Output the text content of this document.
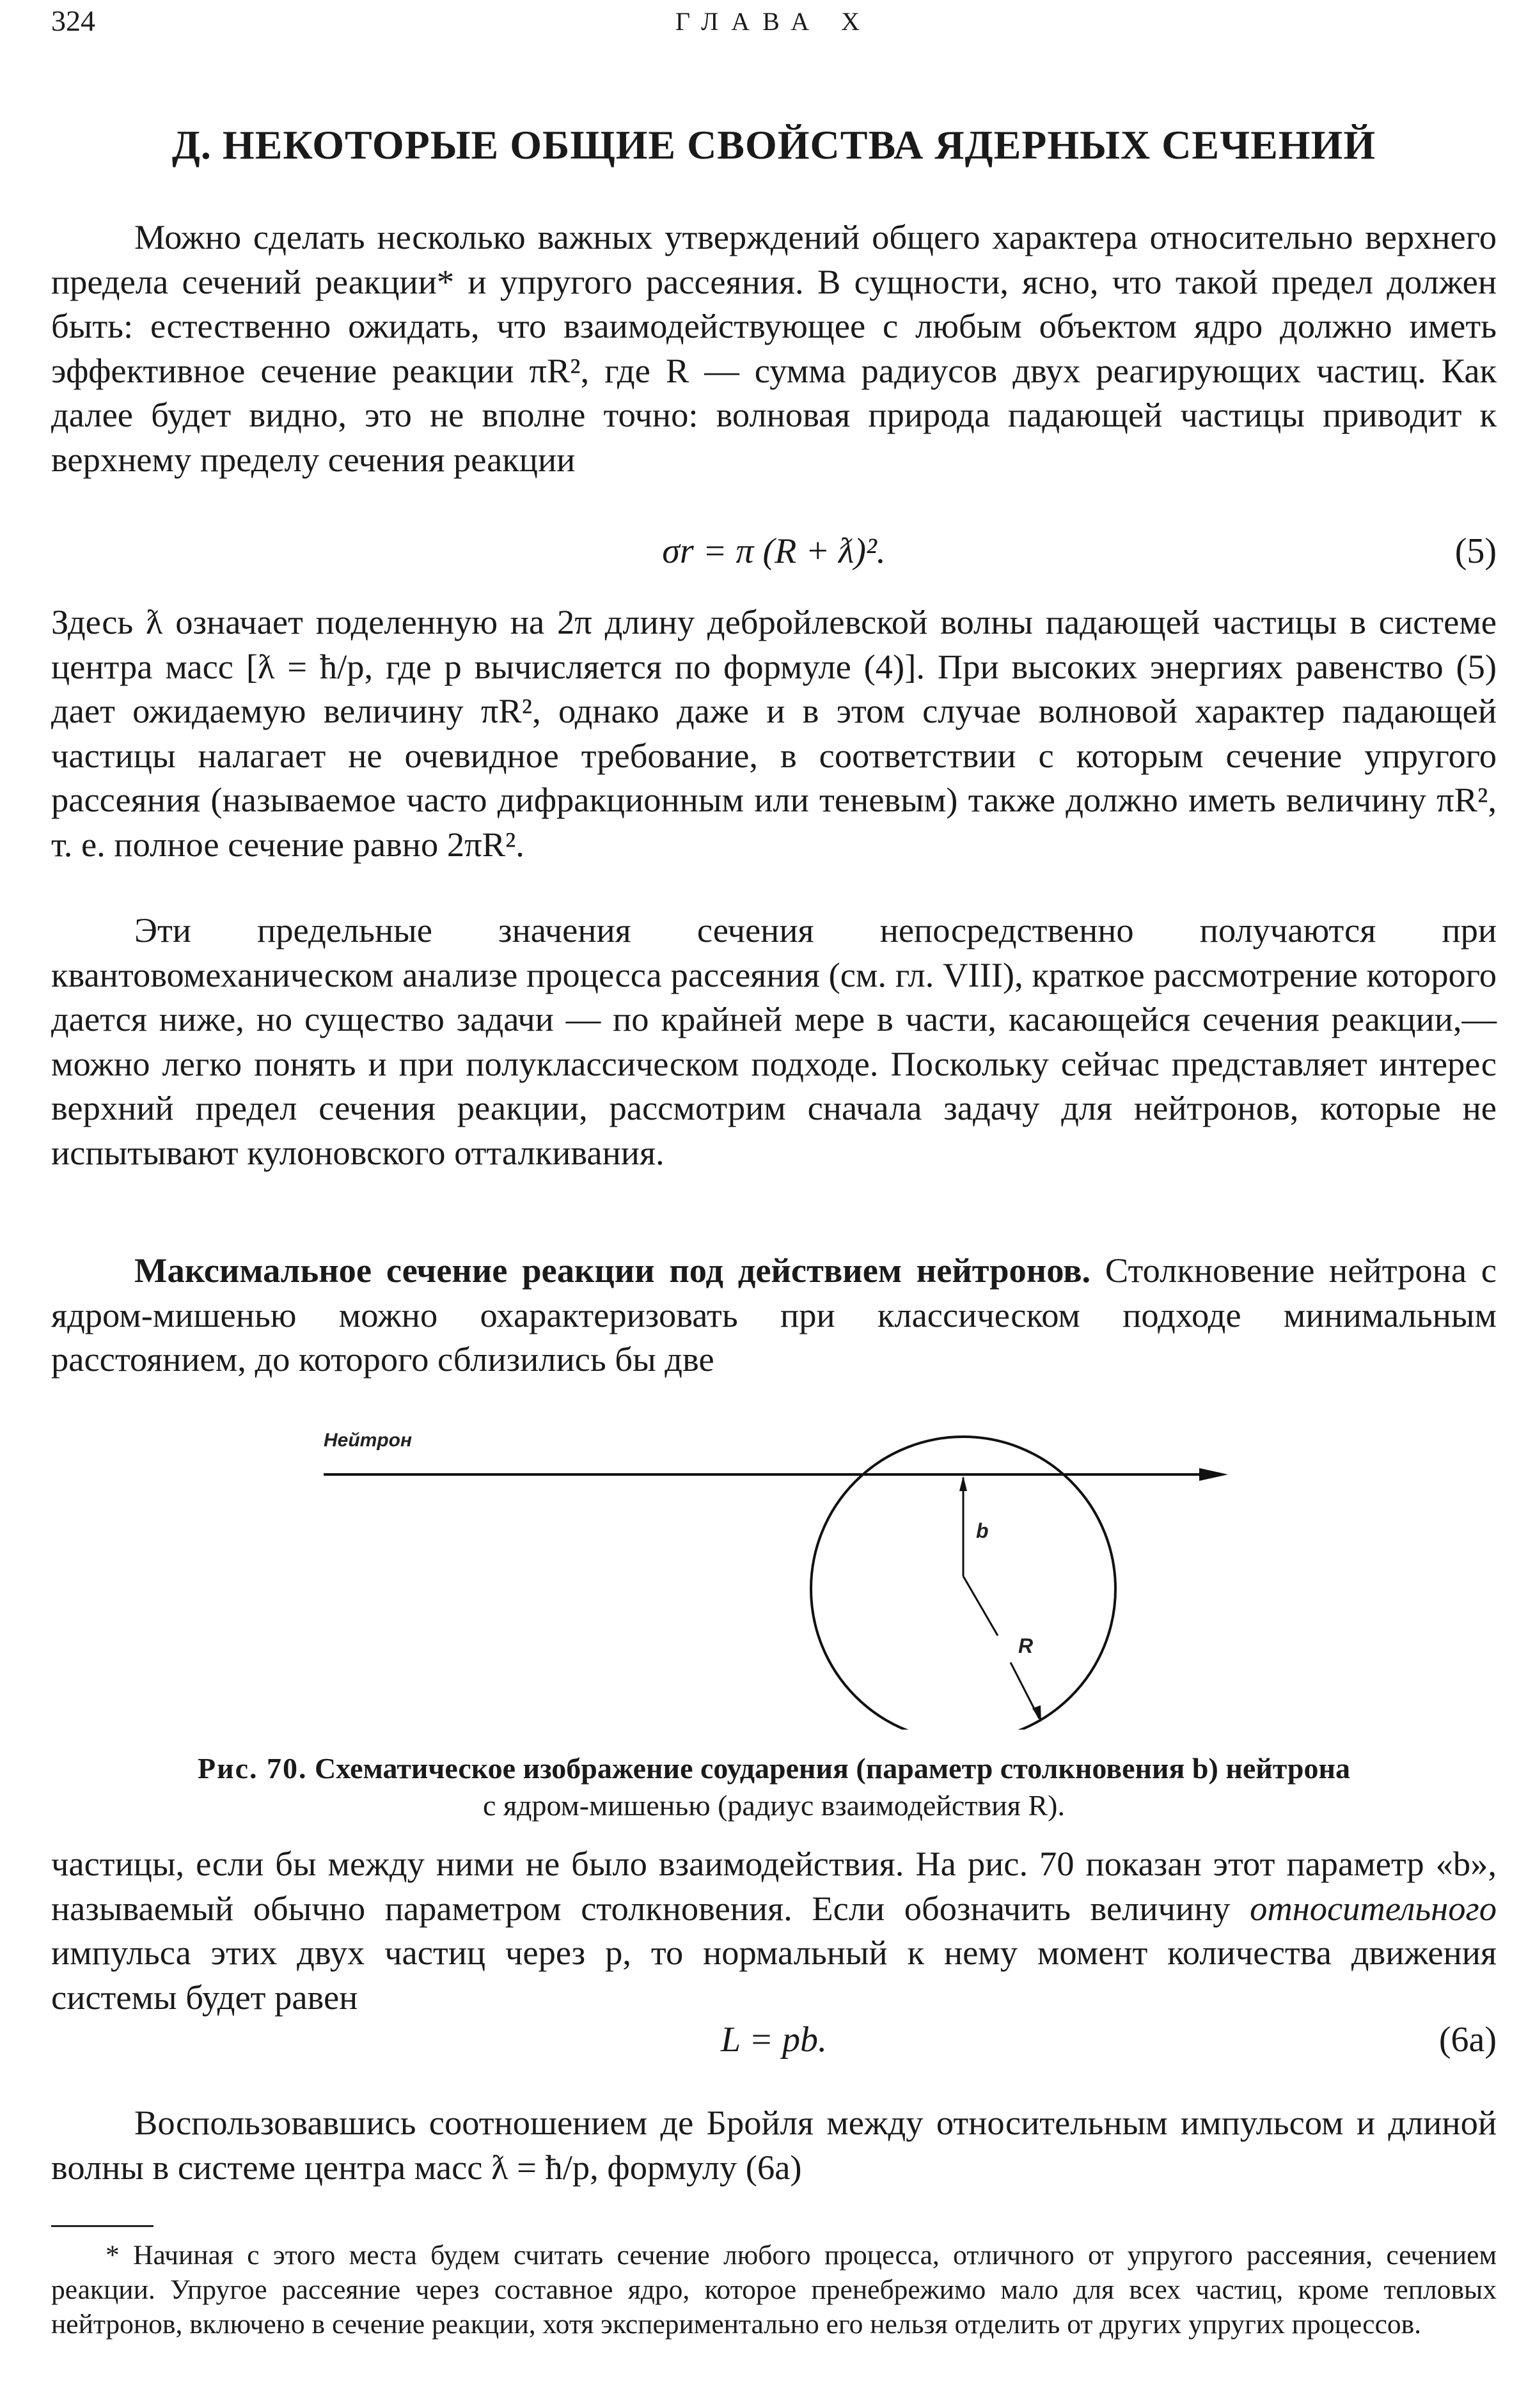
324	ГЛАВА X
Д. НЕКОТОРЫЕ ОБЩИЕ СВОЙСТВА ЯДЕРНЫХ СЕЧЕНИЙ

Можно сделать несколько важных утверждений общего характера относительно верхнего предела сечений реакции* и упругого рассеяния. В сущности, ясно, что такой предел должен быть: естественно ожидать, что взаимодействующее с любым объектом ядро должно иметь эффективное сечение реакции πR², где R — сумма радиусов двух реагирующих частиц. Как далее будет видно, это не вполне точно: волновая природа падающей частицы приводит к верхнему пределу сечения реакции

σr = π (R + ƛ)².	(5)

Здесь ƛ означает поделенную на 2π длину дебройлевской волны падающей частицы в системе центра масс [ƛ = ħ/p, где p вычисляется по формуле (4)]. При высоких энергиях равенство (5) дает ожидаемую величину πR², однако даже и в этом случае волновой характер падающей частицы налагает не очевидное требование, в соответствии с которым сечение упругого рассеяния (называемое часто дифракционным или теневым) также должно иметь величину πR², т. е. полное сечение равно 2πR².

Эти предельные значения сечения непосредственно получаются при квантовомеханическом анализе процесса рассеяния (см. гл. VIII), краткое рассмотрение которого дается ниже, но существо задачи — по крайней мере в части, касающейся сечения реакции,— можно легко понять и при полуклассическом подходе. Поскольку сейчас представляет интерес верхний предел сечения реакции, рассмотрим сначала задачу для нейтронов, которые не испытывают кулоновского отталкивания.

Максимальное сечение реакции под действием нейтронов. Столкновение нейтрона с ядром-мишенью можно охарактеризовать при классическом подходе минимальным расстоянием, до которого сблизились бы две

Нейтрон
b
R
Рис. 70. Схематическое изображение соударения (параметр столкновения b) нейтрона
с ядром-мишенью (радиус взаимодействия R).

частицы, если бы между ними не было взаимодействия. На рис. 70 показан этот параметр «b», называемый обычно параметром столкновения. Если обозначить величину относительного импульса этих двух частиц через p, то нормальный к нему момент количества движения системы будет равен

L = pb.	(6a)

Воспользовавшись соотношением де Бройля между относительным импульсом и длиной волны в системе центра масс ƛ = ħ/p, формулу (6a)

* Начиная с этого места будем считать сечение любого процесса, отличного от упругого рассеяния, сечением реакции. Упругое рассеяние через составное ядро, которое пренебрежимо мало для всех частиц, кроме тепловых нейтронов, включено в сечение реакции, хотя экспериментально его нельзя отделить от других упругих процессов.
